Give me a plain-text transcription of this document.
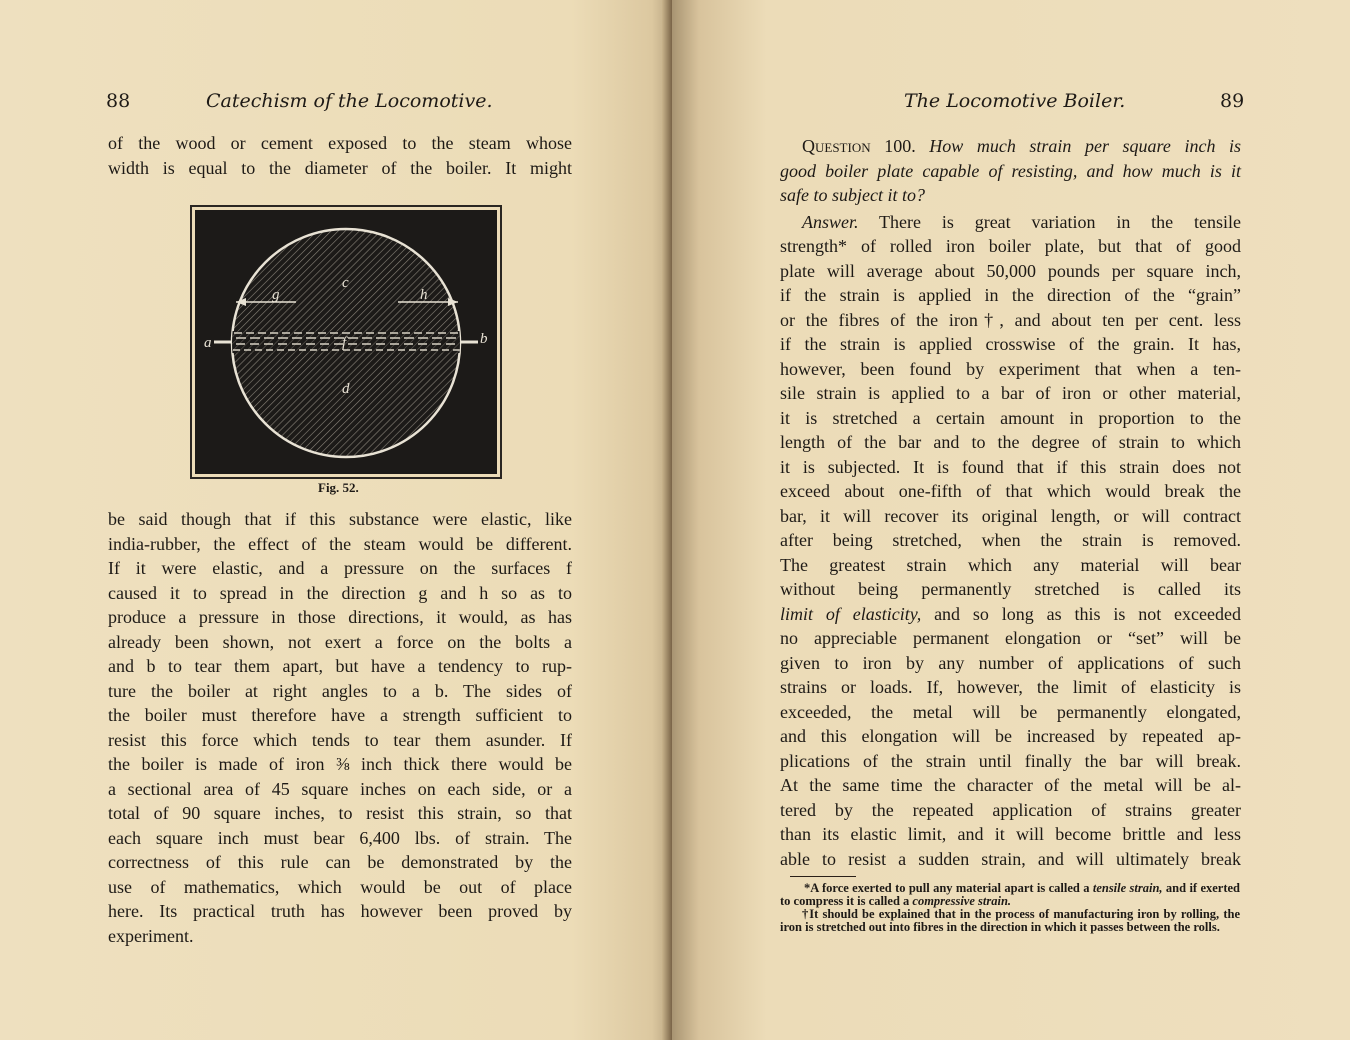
88	Catechism of the Locomotive.
of the wood or cement exposed to the steam whose
width is equal to the diameter of the boiler. It might
g	h
c
d
f
a	b
Fig. 52.
be said though that if this substance were elastic, like
india-rubber, the effect of the steam would be different.
If it were elastic, and a pressure on the surfaces f
caused it to spread in the direction g and h so as to
produce a pressure in those directions, it would, as has
already been shown, not exert a force on the bolts a
and b to tear them apart, but have a tendency to rup-
ture the boiler at right angles to a b. The sides of
the boiler must therefore have a strength sufficient to
resist this force which tends to tear them asunder. If
the boiler is made of iron ⅜ inch thick there would be
a sectional area of 45 square inches on each side, or a
total of 90 square inches, to resist this strain, so that
each square inch must bear 6,400 lbs. of strain. The
correctness of this rule can be demonstrated by the
use of mathematics, which would be out of place
here. Its practical truth has however been proved by
experiment.
The Locomotive Boiler.	89
Question 100. How much strain per square inch is
good boiler plate capable of resisting, and how much is it
safe to subject it to?
Answer. There is great variation in the tensile
strength* of rolled iron boiler plate, but that of good
plate will average about 50,000 pounds per square inch,
if the strain is applied in the direction of the “grain”
or the fibres of the iron†, and about ten per cent. less
if the strain is applied crosswise of the grain. It has,
however, been found by experiment that when a ten-
sile strain is applied to a bar of iron or other material,
it is stretched a certain amount in proportion to the
length of the bar and to the degree of strain to which
it is subjected. It is found that if this strain does not
exceed about one-fifth of that which would break the
bar, it will recover its original length, or will contract
after being stretched, when the strain is removed.
The greatest strain which any material will bear
without being permanently stretched is called its
limit of elasticity, and so long as this is not exceeded
no appreciable permanent elongation or “set” will be
given to iron by any number of applications of such
strains or loads. If, however, the limit of elasticity is
exceeded, the metal will be permanently elongated,
and this elongation will be increased by repeated ap-
plications of the strain until finally the bar will break.
At the same time the character of the metal will be al-
tered by the repeated application of strains greater
than its elastic limit, and it will become brittle and less
able to resist a sudden strain, and will ultimately break
*A force exerted to pull any material apart is called a tensile strain, and if exerted to compress it is called a compressive strain.
†It should be explained that in the process of manufacturing iron by rolling, the iron is stretched out into fibres in the direction in which it passes between the rolls.
